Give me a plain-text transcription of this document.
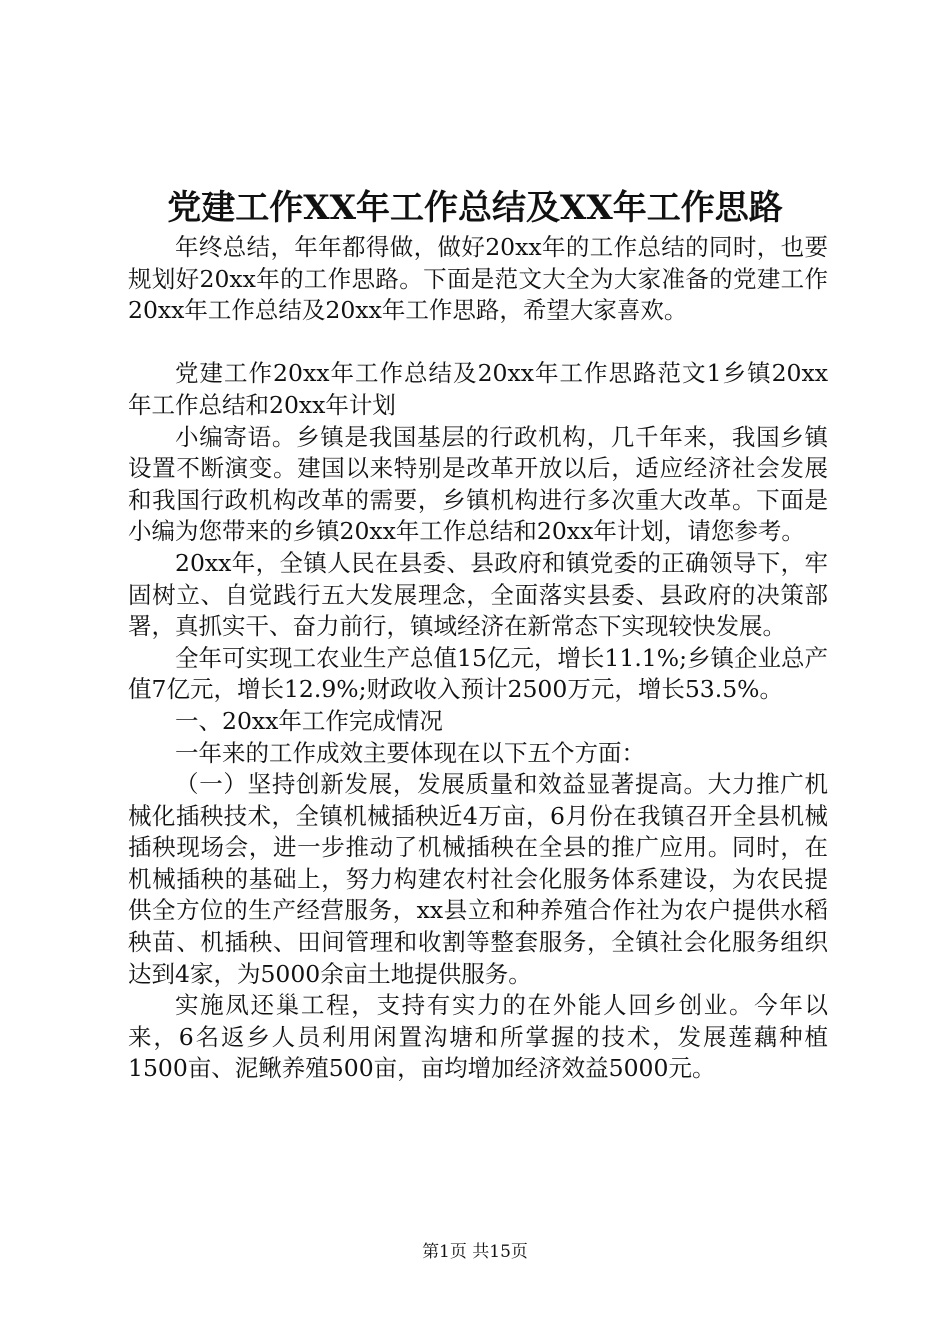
党建工作XX年工作总结及XX年工作思路

年终总结，年年都得做，做好20xx年的工作总结的同时，也要规划好20xx年的工作思路。下面是范文大全为大家准备的党建工作20xx年工作总结及20xx年工作思路，希望大家喜欢。

党建工作20xx年工作总结及20xx年工作思路范文1乡镇20xx年工作总结和20xx年计划

小编寄语。乡镇是我国基层的行政机构，几千年来，我国乡镇设置不断演变。建国以来特别是改革开放以后，适应经济社会发展和我国行政机构改革的需要，乡镇机构进行多次重大改革。下面是小编为您带来的乡镇20xx年工作总结和20xx年计划，请您参考。

20xx年，全镇人民在县委、县政府和镇党委的正确领导下，牢固树立、自觉践行五大发展理念，全面落实县委、县政府的决策部署，真抓实干、奋力前行，镇域经济在新常态下实现较快发展。

全年可实现工农业生产总值15亿元，增长11.1%;乡镇企业总产值7亿元，增长12.9%;财政收入预计2500万元，增长53.5%。

一、20xx年工作完成情况

一年来的工作成效主要体现在以下五个方面：

（一）坚持创新发展，发展质量和效益显著提高。大力推广机械化插秧技术，全镇机械插秧近4万亩，6月份在我镇召开全县机械插秧现场会，进一步推动了机械插秧在全县的推广应用。同时，在机械插秧的基础上，努力构建农村社会化服务体系建设，为农民提供全方位的生产经营服务，xx县立和种养殖合作社为农户提供水稻秧苗、机插秧、田间管理和收割等整套服务，全镇社会化服务组织达到4家，为5000余亩土地提供服务。

实施凤还巢工程，支持有实力的在外能人回乡创业。今年以来，6名返乡人员利用闲置沟塘和所掌握的技术，发展莲藕种植1500亩、泥鳅养殖500亩，亩均增加经济效益5000元。

第1页 共15页
